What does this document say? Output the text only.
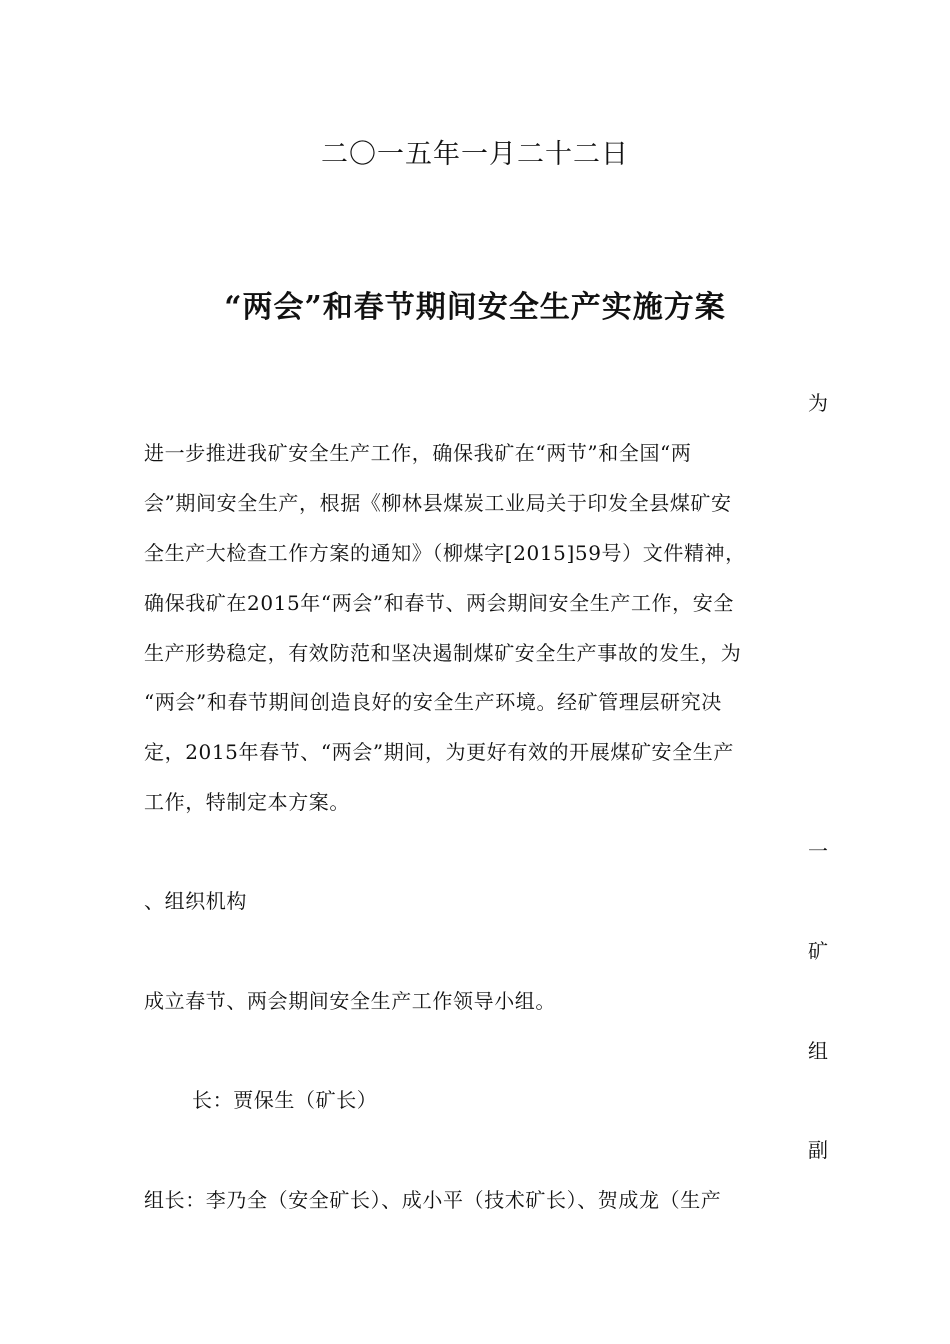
二〇一五年一月二十二日
“两会”和春节期间安全生产实施方案
为
进一步推进我矿安全生产工作，确保我矿在“两节”和全国“两
会”期间安全生产，根据《柳林县煤炭工业局关于印发全县煤矿安
全生产大检查工作方案的通知》（柳煤字[2015]59号）文件精神，
确保我矿在2015年“两会”和春节、两会期间安全生产工作，安全
生产形势稳定，有效防范和坚决遏制煤矿安全生产事故的发生，为
“两会”和春节期间创造良好的安全生产环境。经矿管理层研究决
定，2015年春节、“两会”期间，为更好有效的开展煤矿安全生产
工作，特制定本方案。
一
、组织机构
矿
成立春节、两会期间安全生产工作领导小组。
组
长：贾保生（矿长）
副
组长：李乃全（安全矿长）、成小平（技术矿长）、贺成龙（生产
